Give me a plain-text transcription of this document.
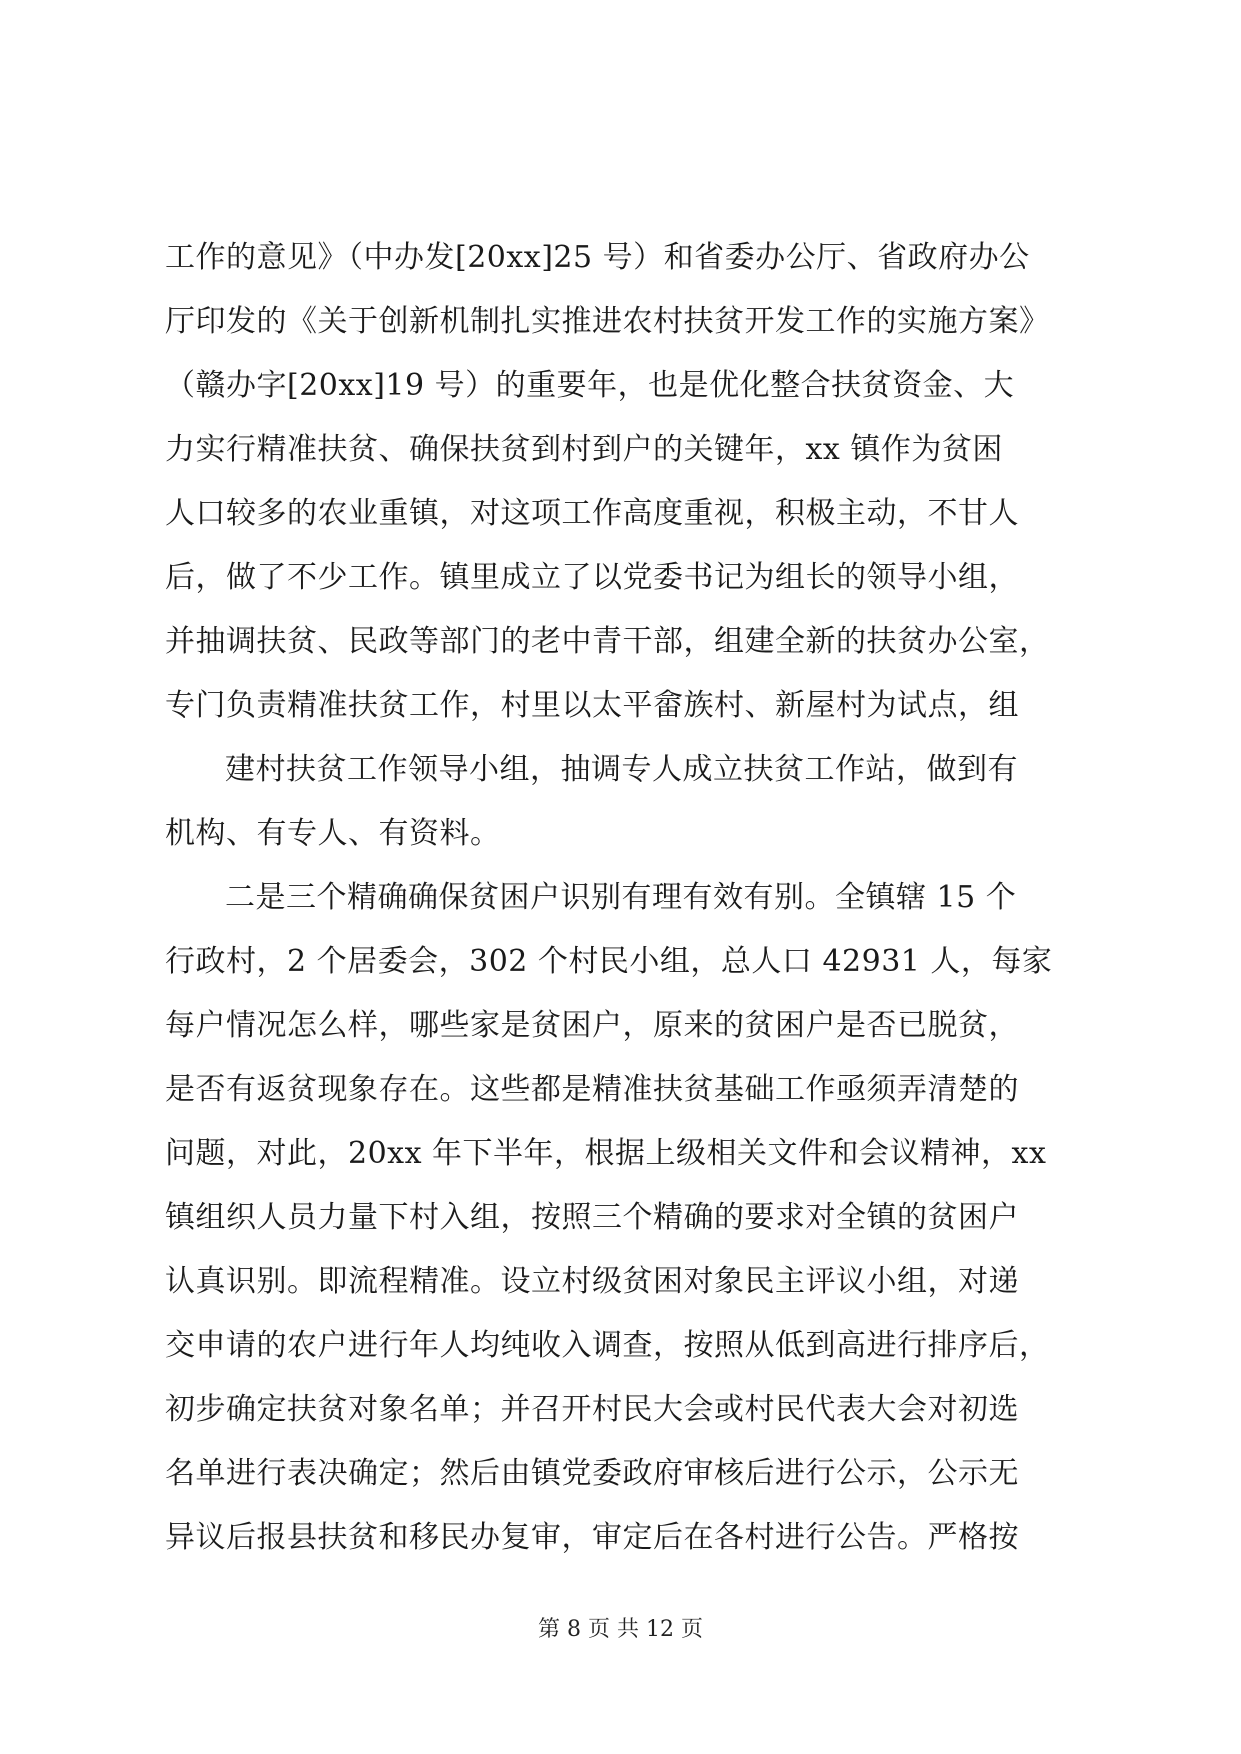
工作的意见》（中办发[20xx]25 号）和省委办公厅、省政府办公
厅印发的《关于创新机制扎实推进农村扶贫开发工作的实施方案》
（赣办字[20xx]19 号）的重要年，也是优化整合扶贫资金、大
力实行精准扶贫、确保扶贫到村到户的关键年，xx 镇作为贫困
人口较多的农业重镇，对这项工作高度重视，积极主动，不甘人
后，做了不少工作。镇里成立了以党委书记为组长的领导小组，
并抽调扶贫、民政等部门的老中青干部，组建全新的扶贫办公室，
专门负责精准扶贫工作，村里以太平畲族村、新屋村为试点，组
建村扶贫工作领导小组，抽调专人成立扶贫工作站，做到有
机构、有专人、有资料。
二是三个精确确保贫困户识别有理有效有别。全镇辖 15 个
行政村，2 个居委会，302 个村民小组，总人口 42931 人，每家
每户情况怎么样，哪些家是贫困户，原来的贫困户是否已脱贫，
是否有返贫现象存在。这些都是精准扶贫基础工作亟须弄清楚的
问题，对此，20xx 年下半年，根据上级相关文件和会议精神，xx
镇组织人员力量下村入组，按照三个精确的要求对全镇的贫困户
认真识别。即流程精准。设立村级贫困对象民主评议小组，对递
交申请的农户进行年人均纯收入调查，按照从低到高进行排序后，
初步确定扶贫对象名单；并召开村民大会或村民代表大会对初选
名单进行表决确定；然后由镇党委政府审核后进行公示，公示无
异议后报县扶贫和移民办复审，审定后在各村进行公告。严格按
第 8 页 共 12 页
